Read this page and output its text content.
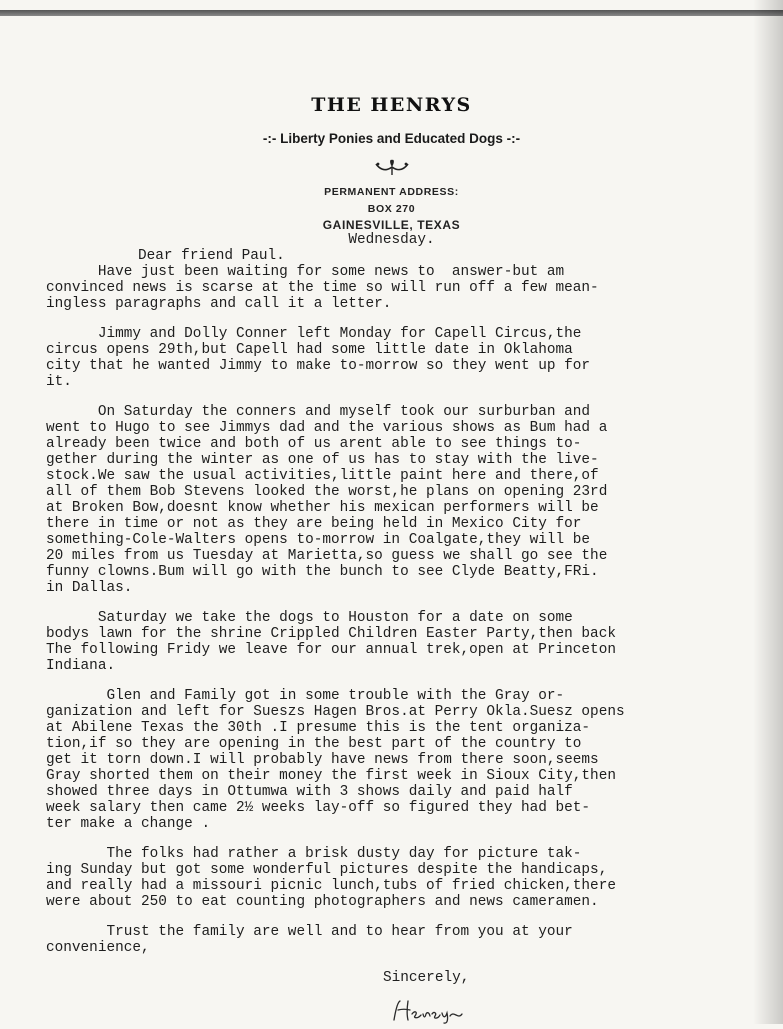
THE HENRYS
-:- Liberty Ponies and Educated Dogs -:-
PERMANENT ADDRESS:
BOX 270
GAINESVILLE, TEXAS
Wednesday.
Dear friend Paul.
Have just been waiting for some news to  answer-but am
convinced news is scarse at the time so will run off a few mean-
ingless paragraphs and call it a letter.
Jimmy and Dolly Conner left Monday for Capell Circus,the
circus opens 29th,but Capell had some little date in Oklahoma
city that he wanted Jimmy to make to-morrow so they went up for
it.
On Saturday the conners and myself took our surburban and
went to Hugo to see Jimmys dad and the various shows as Bum had a
already been twice and both of us arent able to see things to-
gether during the winter as one of us has to stay with the live-
stock.We saw the usual activities,little paint here and there,of
all of them Bob Stevens looked the worst,he plans on opening 23rd
at Broken Bow,doesnt know whether his mexican performers will be
there in time or not as they are being held in Mexico City for
something-Cole-Walters opens to-morrow in Coalgate,they will be
20 miles from us Tuesday at Marietta,so guess we shall go see the
funny clowns.Bum will go with the bunch to see Clyde Beatty,FRi.
in Dallas.
Saturday we take the dogs to Houston for a date on some
bodys lawn for the shrine Crippled Children Easter Party,then back
The following Fridy we leave for our annual trek,open at Princeton
Indiana.
Glen and Family got in some trouble with the Gray or-
ganization and left for Sueszs Hagen Bros.at Perry Okla.Suesz opens
at Abilene Texas the 30th .I presume this is the tent organiza-
tion,if so they are opening in the best part of the country to
get it torn down.I will probably have news from there soon,seems
Gray shorted them on their money the first week in Sioux City,then
showed three days in Ottumwa with 3 shows daily and paid half
week salary then came 2½ weeks lay-off so figured they had bet-
ter make a change .
The folks had rather a brisk dusty day for picture tak-
ing Sunday but got some wonderful pictures despite the handicaps,
and really had a missouri picnic lunch,tubs of fried chicken,there
were about 250 to eat counting photographers and news cameramen.
Trust the family are well and to hear from you at your
convenience,
Sincerely,
